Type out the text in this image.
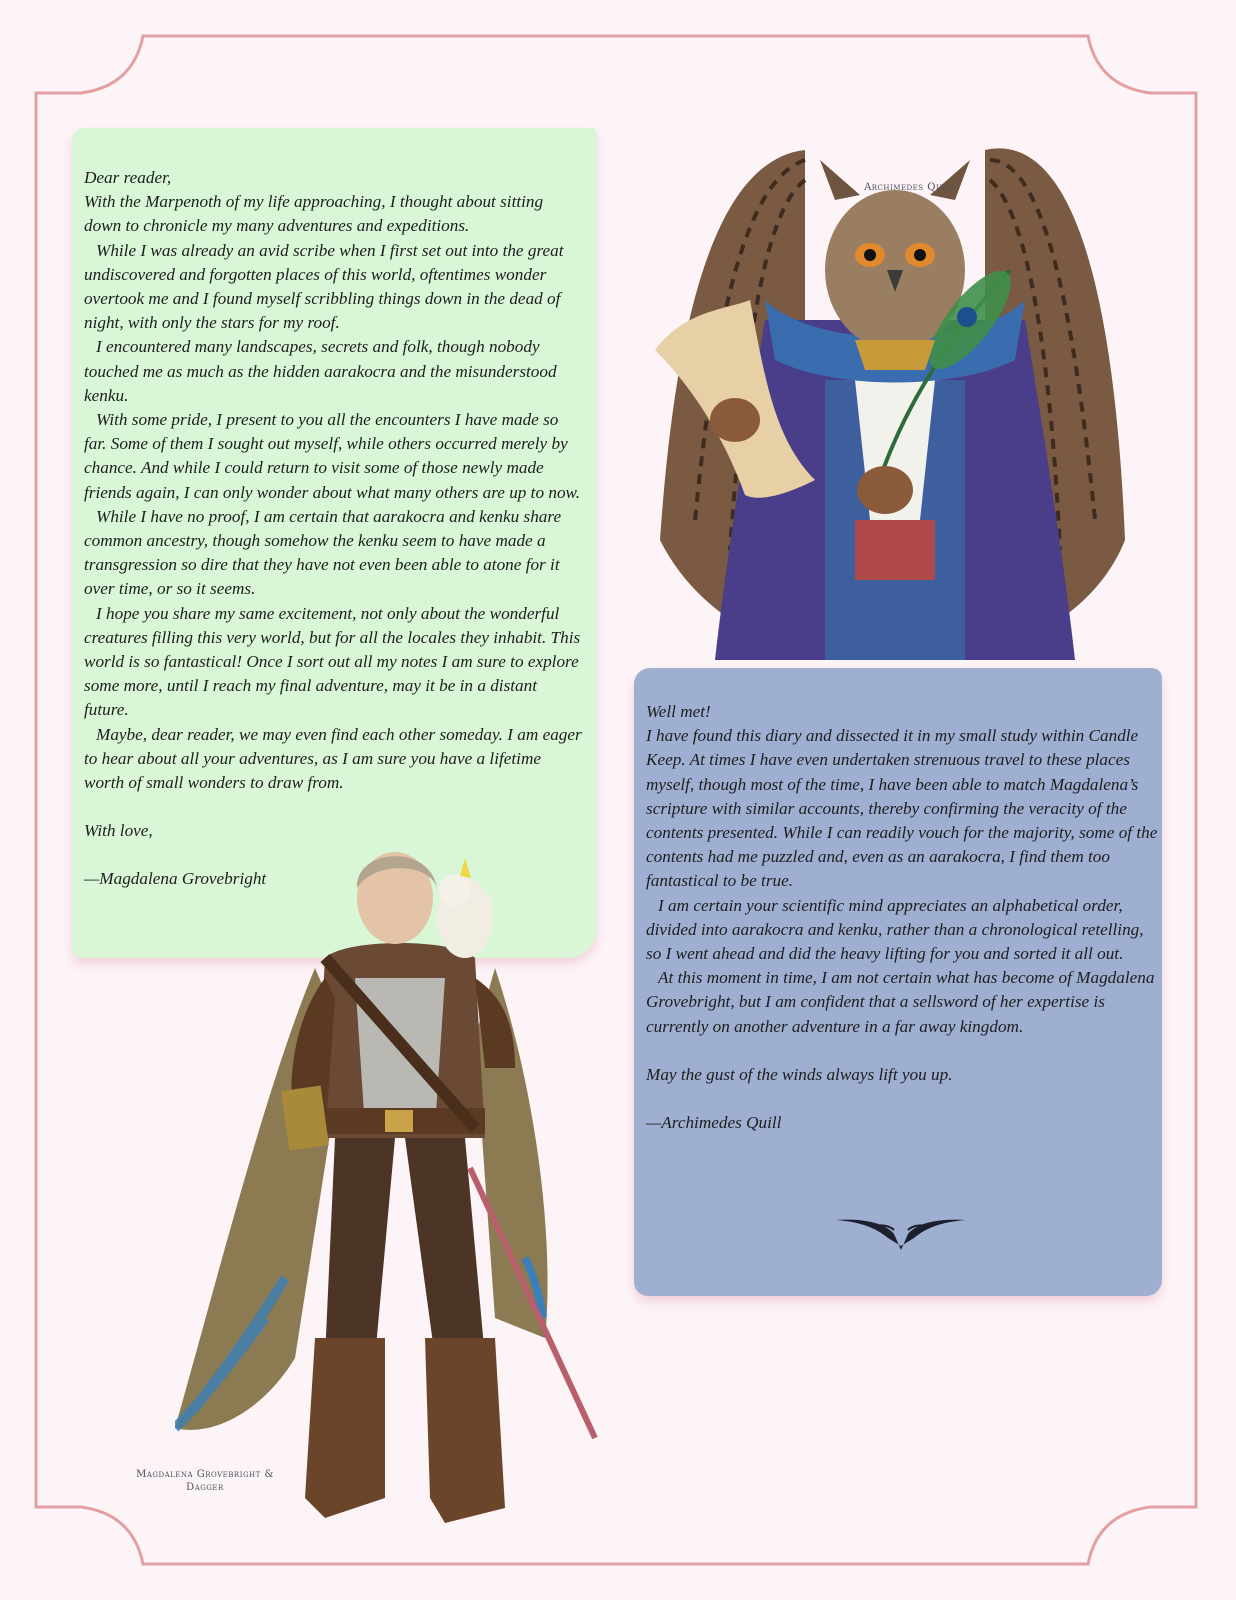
Archimedes Quill

Dear reader,

With the Marpenoth of my life approaching, I thought about sitting down to chronicle my many adventures and expeditions.

While I was already an avid scribe when I first set out into the great undiscovered and forgotten places of this world, oftentimes wonder overtook me and I found myself scribbling things down in the dead of night, with only the stars for my roof.

I encountered many landscapes, secrets and folk, though nobody touched me as much as the hidden aarakocra and the misunderstood kenku.

With some pride, I present to you all the encounters I have made so far. Some of them I sought out myself, while others occurred merely by chance. And while I could return to visit some of those newly made friends again, I can only wonder about what many others are up to now.

While I have no proof, I am certain that aarakocra and kenku share common ancestry, though somehow the kenku seem to have made a transgression so dire that they have not even been able to atone for it over time, or so it seems.

I hope you share my same excitement, not only about the wonderful creatures filling this very world, but for all the locales they inhabit. This world is so fantastical! Once I sort out all my notes I am sure to explore some more, until I reach my final adventure, may it be in a distant future.

Maybe, dear reader, we may even find each other someday. I am eager to hear about all your adventures, as I am sure you have a lifetime worth of small wonders to draw from.

With love,

—Magdalena Grovebright

Well met!

I have found this diary and dissected it in my small study within Candle Keep. At times I have even undertaken strenuous travel to these places myself, though most of the time, I have been able to match Magdalena’s scripture with similar accounts, thereby confirming the veracity of the contents presented. While I can readily vouch for the majority, some of the contents had me puzzled and, even as an aarakocra, I find them too fantastical to be true.

I am certain your scientific mind appreciates an alphabetical order, divided into aarakocra and kenku, rather than a chronological retelling, so I went ahead and did the heavy lifting for you and sorted it all out.

At this moment in time, I am not certain what has become of Magdalena Grovebright, but I am confident that a sellsword of her expertise is currently on another adventure in a far away kingdom.

May the gust of the winds always lift you up.

—Archimedes Quill

Magdalena Grovebright & Dagger
